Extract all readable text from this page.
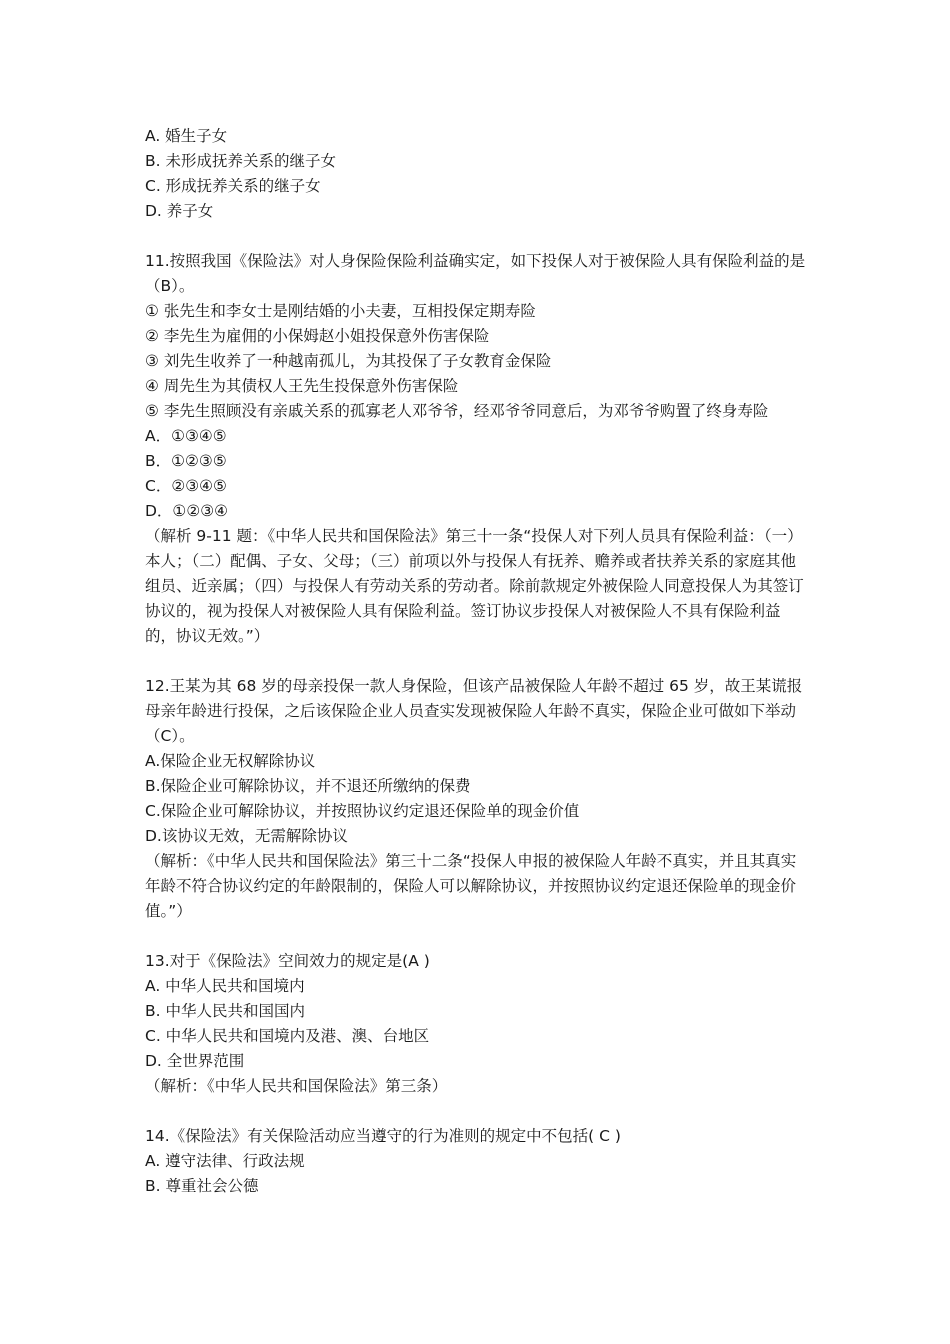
A. 婚生子女
B. 未形成抚养关系的继子女
C. 形成抚养关系的继子女
D. 养子女
11.按照我国《保险法》对人身保险保险利益确实定，如下投保人对于被保险人具有保险利益的是（B）。
① 张先生和李女士是刚结婚的小夫妻，互相投保定期寿险
② 李先生为雇佣的小保姆赵小姐投保意外伤害保险
③ 刘先生收养了一种越南孤儿，为其投保了子女教育金保险
④ 周先生为其债权人王先生投保意外伤害保险
⑤ 李先生照顾没有亲戚关系的孤寡老人邓爷爷，经邓爷爷同意后，为邓爷爷购置了终身寿险
A．①③④⑤
B．①②③⑤
C．②③④⑤
D．①②③④
（解析 9-11 题：《中华人民共和国保险法》第三十一条“投保人对下列人员具有保险利益：（一）本人；（二）配偶、子女、父母；（三）前项以外与投保人有抚养、赡养或者扶养关系的家庭其他组员、近亲属；（四）与投保人有劳动关系的劳动者。除前款规定外被保险人同意投保人为其签订协议的，视为投保人对被保险人具有保险利益。签订协议步投保人对被保险人不具有保险利益的，协议无效。”）
12.王某为其 68 岁的母亲投保一款人身保险，但该产品被保险人年龄不超过 65 岁，故王某谎报母亲年龄进行投保，之后该保险企业人员查实发现被保险人年龄不真实，保险企业可做如下举动（C）。
A.保险企业无权解除协议
B.保险企业可解除协议，并不退还所缴纳的保费
C.保险企业可解除协议，并按照协议约定退还保险单的现金价值
D.该协议无效，无需解除协议
（解析：《中华人民共和国保险法》第三十二条“投保人申报的被保险人年龄不真实，并且其真实年龄不符合协议约定的年龄限制的，保险人可以解除协议，并按照协议约定退还保险单的现金价值。”）
13.对于《保险法》空间效力的规定是(A )
A. 中华人民共和国境内
B. 中华人民共和国国内
C. 中华人民共和国境内及港、澳、台地区
D. 全世界范围
（解析：《中华人民共和国保险法》第三条）
14.《保险法》有关保险活动应当遵守的行为准则的规定中不包括( C )
A. 遵守法律、行政法规
B. 尊重社会公德
